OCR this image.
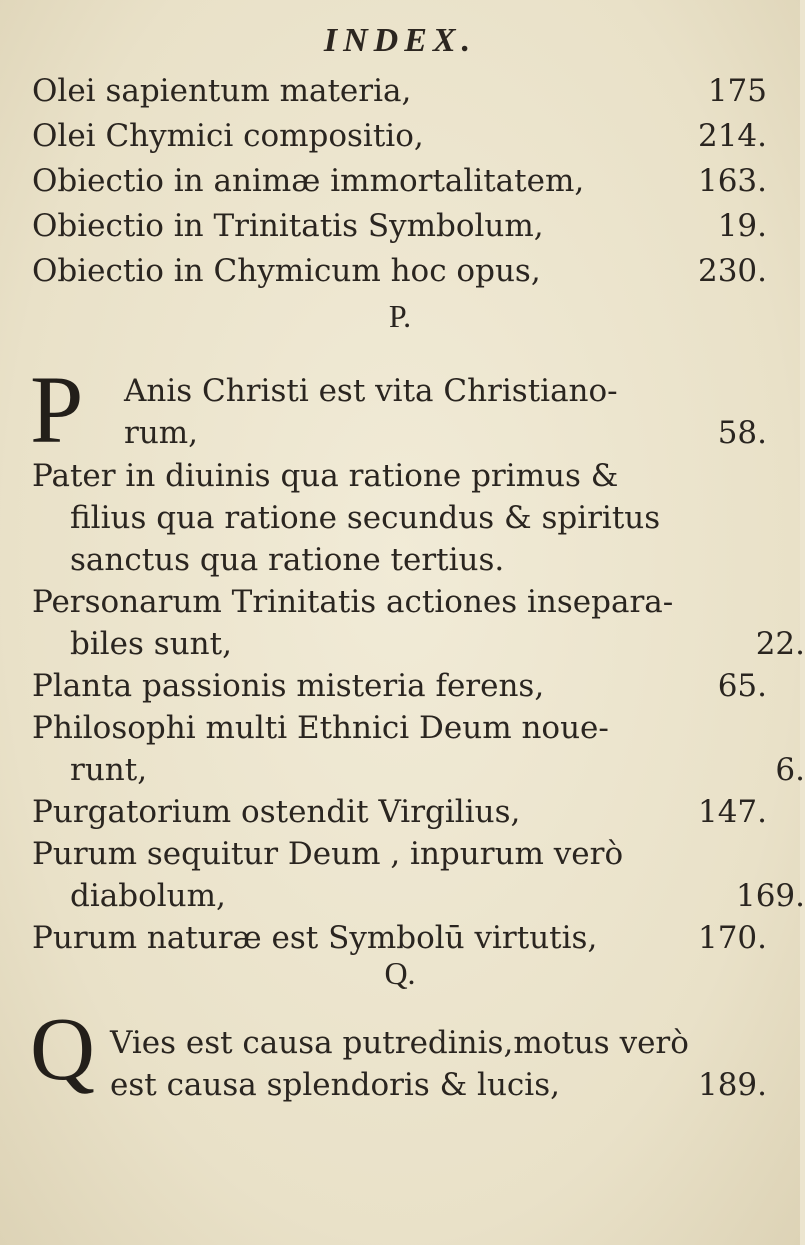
INDEX.
Olei sapientum materia,	175
Olei Chymici compositio,	214.
Obiectio in animæ immortalitatem,	163.
Obiectio in Trinitatis Symbolum,	19.
Obiectio in Chymicum hoc opus,	230.
P.
P Anis Christi est vita Christiano-
rum,	58.
Pater in diuinis qua ratione primus &
filius qua ratione secundus & spiritus
sanctus qua ratione tertius.
Personarum Trinitatis actiones insepara-
biles sunt,	22.
Planta passionis misteria ferens,	65.
Philosophi multi Ethnici Deum noue-
runt,	6.
Purgatorium ostendit Virgilius,	147.
Purum sequitur Deum , inpurum verò
diabolum,	169.
Purum naturæ est Symbolū virtutis,	170.
Q.
Q Vies est causa putredinis,motus verò
est causa splendoris & lucis,	189.
